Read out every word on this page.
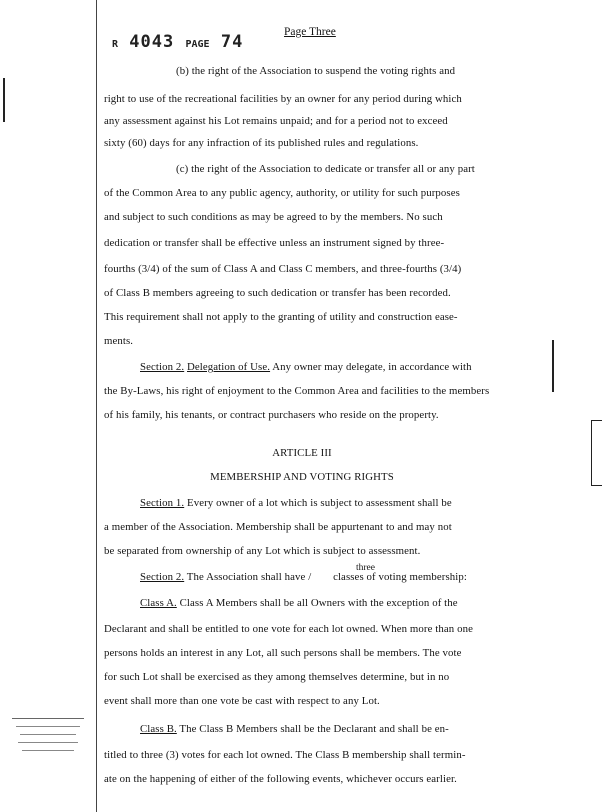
R 4043 PAGE 74	Page Three
(b) the right of the Association to suspend the voting rights and
right to use of the recreational facilities by an owner for any period during which
any assessment against his Lot remains unpaid; and for a period not to exceed
sixty (60) days for any infraction of its published rules and regulations.
(c) the right of the Association to dedicate or transfer all or any part
of the Common Area to any public agency, authority, or utility for such purposes
and subject to such conditions as may be agreed to by the members. No such
dedication or transfer shall be effective unless an instrument signed by three-
fourths (3/4) of the sum of Class A and Class C members, and three-fourths (3/4)
of Class B members agreeing to such dedication or transfer has been recorded.
This requirement shall not apply to the granting of utility and construction ease-
ments.
Section 2. Delegation of Use. Any owner may delegate, in accordance with
the By-Laws, his right of enjoyment to the Common Area and facilities to the members
of his family, his tenants, or contract purchasers who reside on the property.
ARTICLE III
MEMBERSHIP AND VOTING RIGHTS
Section 1. Every owner of a lot which is subject to assessment shall be
a member of the Association. Membership shall be appurtenant to and may not
be separated from ownership of any Lot which is subject to assessment.
three
Section 2. The Association shall have / classes of voting membership:
Class A. Class A Members shall be all Owners with the exception of the
Declarant and shall be entitled to one vote for each lot owned. When more than one
persons holds an interest in any Lot, all such persons shall be members. The vote
for such Lot shall be exercised as they among themselves determine, but in no
event shall more than one vote be cast with respect to any Lot.
Class B. The Class B Members shall be the Declarant and shall be en-
titled to three (3) votes for each lot owned. The Class B membership shall termin-
ate on the happening of either of the following events, whichever occurs earlier.
